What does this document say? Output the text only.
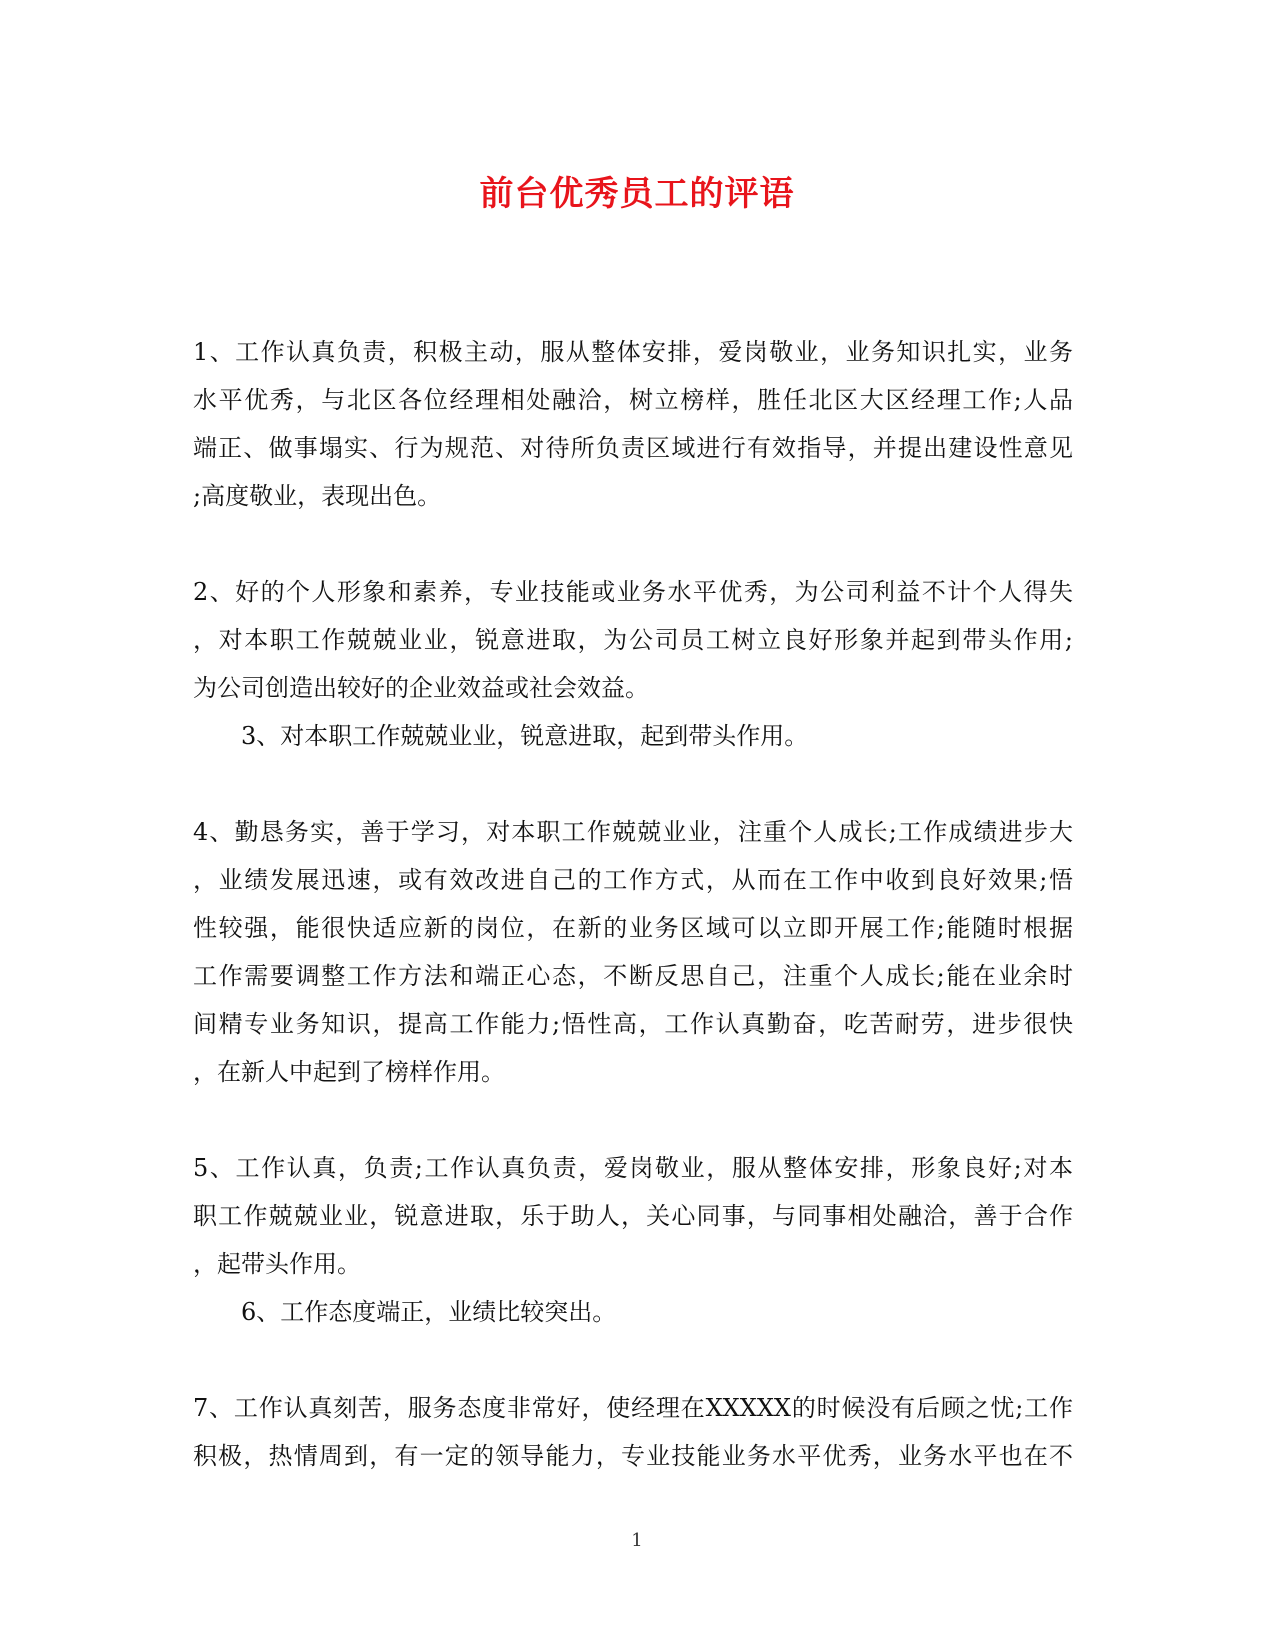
前台优秀员工的评语
1、工作认真负责，积极主动，服从整体安排，爱岗敬业，业务知识扎实，业务
水平优秀，与北区各位经理相处融洽，树立榜样，胜任北区大区经理工作;人品
端正、做事塌实、行为规范、对待所负责区域进行有效指导，并提出建设性意见
;高度敬业，表现出色。
2、好的个人形象和素养，专业技能或业务水平优秀，为公司利益不计个人得失
，对本职工作兢兢业业，锐意进取，为公司员工树立良好形象并起到带头作用;
为公司创造出较好的企业效益或社会效益。
3、对本职工作兢兢业业，锐意进取，起到带头作用。
4、勤恳务实，善于学习，对本职工作兢兢业业，注重个人成长;工作成绩进步大
，业绩发展迅速，或有效改进自己的工作方式，从而在工作中收到良好效果;悟
性较强，能很快适应新的岗位，在新的业务区域可以立即开展工作;能随时根据
工作需要调整工作方法和端正心态，不断反思自己，注重个人成长;能在业余时
间精专业务知识，提高工作能力;悟性高，工作认真勤奋，吃苦耐劳，进步很快
，在新人中起到了榜样作用。
5、工作认真，负责;工作认真负责，爱岗敬业，服从整体安排，形象良好;对本
职工作兢兢业业，锐意进取，乐于助人，关心同事，与同事相处融洽，善于合作
，起带头作用。
6、工作态度端正，业绩比较突出。
7、工作认真刻苦，服务态度非常好，使经理在XXXXX的时候没有后顾之忧;工作
积极，热情周到，有一定的领导能力，专业技能业务水平优秀，业务水平也在不
1
